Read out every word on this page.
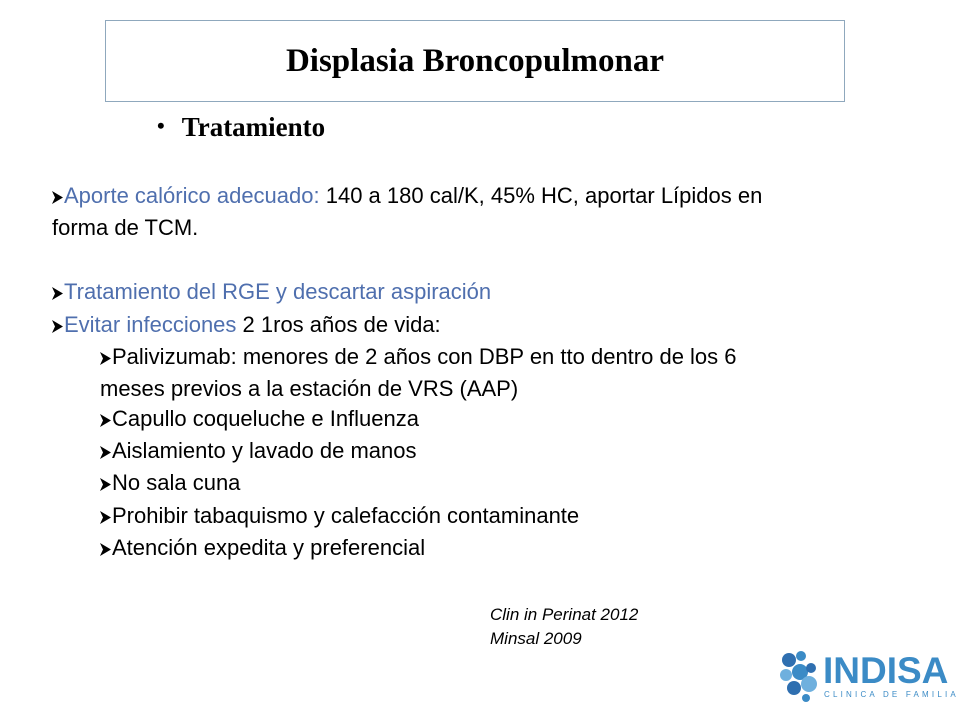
Displasia Broncopulmonar
• Tratamiento
Aporte calórico adecuado: 140 a 180 cal/K, 45% HC, aportar Lípidos en
forma de TCM.
Tratamiento del RGE y descartar aspiración
Evitar infecciones 2 1ros años de vida:
Palivizumab: menores de 2 años con DBP en tto dentro de los 6
meses previos a la estación de VRS (AAP)
Capullo coqueluche e Influenza
Aislamiento y lavado de manos
No sala cuna
Prohibir tabaquismo y calefacción contaminante
Atención expedita y preferencial
Clin in Perinat 2012
Minsal 2009
INDISA
CLINICA DE FAMILIA
